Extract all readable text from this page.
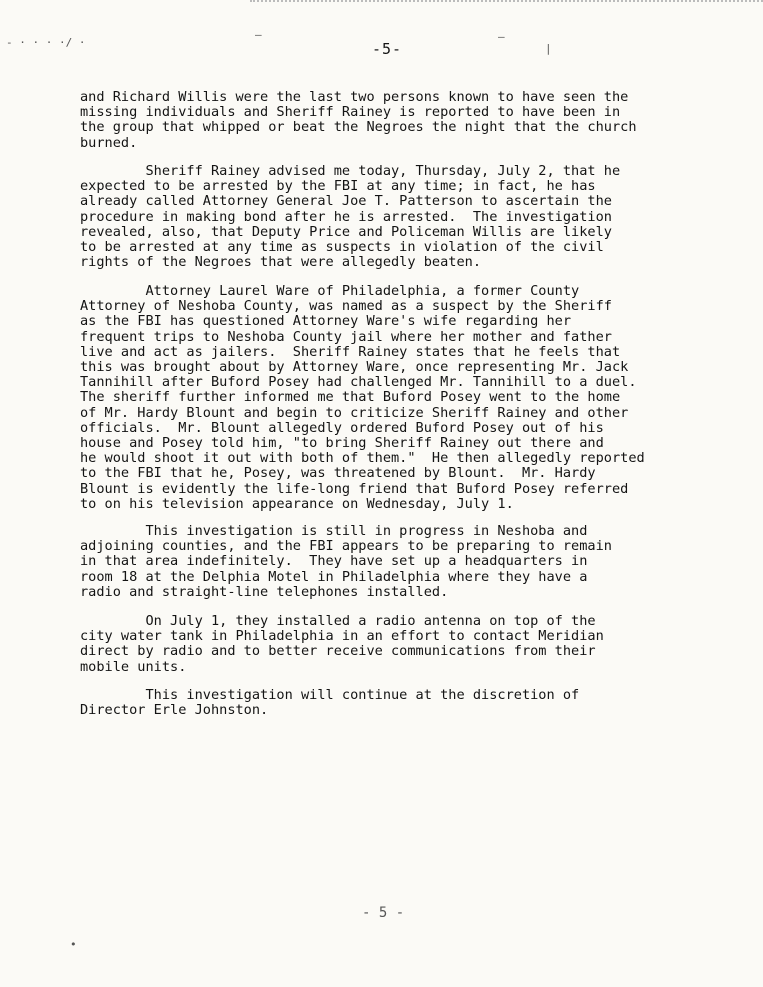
- · · · ·/ ·
—	—
|
-5-

and Richard Willis were the last two persons known to have seen the
missing individuals and Sheriff Rainey is reported to have been in
the group that whipped or beat the Negroes the night that the church
burned.

Sheriff Rainey advised me today, Thursday, July 2, that he
expected to be arrested by the FBI at any time; in fact, he has
already called Attorney General Joe T. Patterson to ascertain the
procedure in making bond after he is arrested.  The investigation
revealed, also, that Deputy Price and Policeman Willis are likely
to be arrested at any time as suspects in violation of the civil
rights of the Negroes that were allegedly beaten.

Attorney Laurel Ware of Philadelphia, a former County
Attorney of Neshoba County, was named as a suspect by the Sheriff
as the FBI has questioned Attorney Ware's wife regarding her
frequent trips to Neshoba County jail where her mother and father
live and act as jailers.  Sheriff Rainey states that he feels that
this was brought about by Attorney Ware, once representing Mr. Jack
Tannihill after Buford Posey had challenged Mr. Tannihill to a duel.
The sheriff further informed me that Buford Posey went to the home
of Mr. Hardy Blount and begin to criticize Sheriff Rainey and other
officials.  Mr. Blount allegedly ordered Buford Posey out of his
house and Posey told him, "to bring Sheriff Rainey out there and
he would shoot it out with both of them."  He then allegedly reported
to the FBI that he, Posey, was threatened by Blount.  Mr. Hardy
Blount is evidently the life-long friend that Buford Posey referred
to on his television appearance on Wednesday, July 1.

This investigation is still in progress in Neshoba and
adjoining counties, and the FBI appears to be preparing to remain
in that area indefinitely.  They have set up a headquarters in
room 18 at the Delphia Motel in Philadelphia where they have a
radio and straight-line telephones installed.

On July 1, they installed a radio antenna on top of the
city water tank in Philadelphia in an effort to contact Meridian
direct by radio and to better receive communications from their
mobile units.

This investigation will continue at the discretion of
Director Erle Johnston.

- 5 -
•
